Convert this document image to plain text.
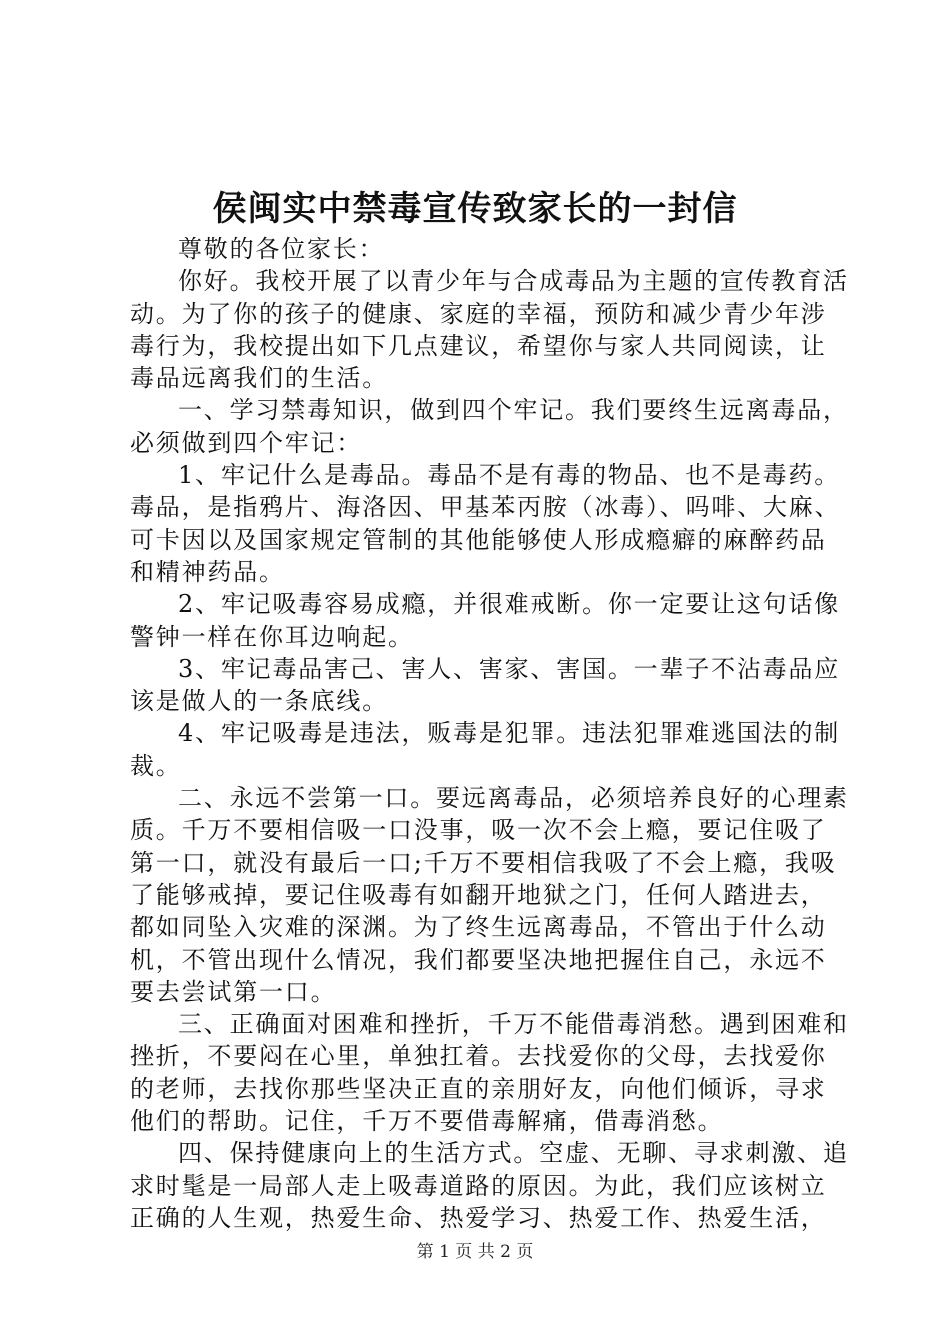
侯闽实中禁毒宣传致家长的一封信

尊敬的各位家长：

你好。我校开展了以青少年与合成毒品为主题的宣传教育活
动。为了你的孩子的健康、家庭的幸福，预防和减少青少年涉
毒行为，我校提出如下几点建议，希望你与家人共同阅读，让
毒品远离我们的生活。

一、学习禁毒知识，做到四个牢记。我们要终生远离毒品，
必须做到四个牢记：

1、牢记什么是毒品。毒品不是有毒的物品、也不是毒药。
毒品，是指鸦片、海洛因、甲基苯丙胺（冰毒）、吗啡、大麻、
可卡因以及国家规定管制的其他能够使人形成瘾癖的麻醉药品
和精神药品。

2、牢记吸毒容易成瘾，并很难戒断。你一定要让这句话像
警钟一样在你耳边响起。

3、牢记毒品害己、害人、害家、害国。一辈子不沾毒品应
该是做人的一条底线。

4、牢记吸毒是违法，贩毒是犯罪。违法犯罪难逃国法的制
裁。

二、永远不尝第一口。要远离毒品，必须培养良好的心理素
质。千万不要相信吸一口没事，吸一次不会上瘾，要记住吸了
第一口，就没有最后一口;千万不要相信我吸了不会上瘾，我吸
了能够戒掉，要记住吸毒有如翻开地狱之门，任何人踏进去，
都如同坠入灾难的深渊。为了终生远离毒品，不管出于什么动
机，不管出现什么情况，我们都要坚决地把握住自己，永远不
要去尝试第一口。

三、正确面对困难和挫折，千万不能借毒消愁。遇到困难和
挫折，不要闷在心里，单独扛着。去找爱你的父母，去找爱你
的老师，去找你那些坚决正直的亲朋好友，向他们倾诉，寻求
他们的帮助。记住，千万不要借毒解痛，借毒消愁。

四、保持健康向上的生活方式。空虚、无聊、寻求刺激、追
求时髦是一局部人走上吸毒道路的原因。为此，我们应该树立
正确的人生观，热爱生命、热爱学习、热爱工作、热爱生活，

第 1 页 共 2 页
